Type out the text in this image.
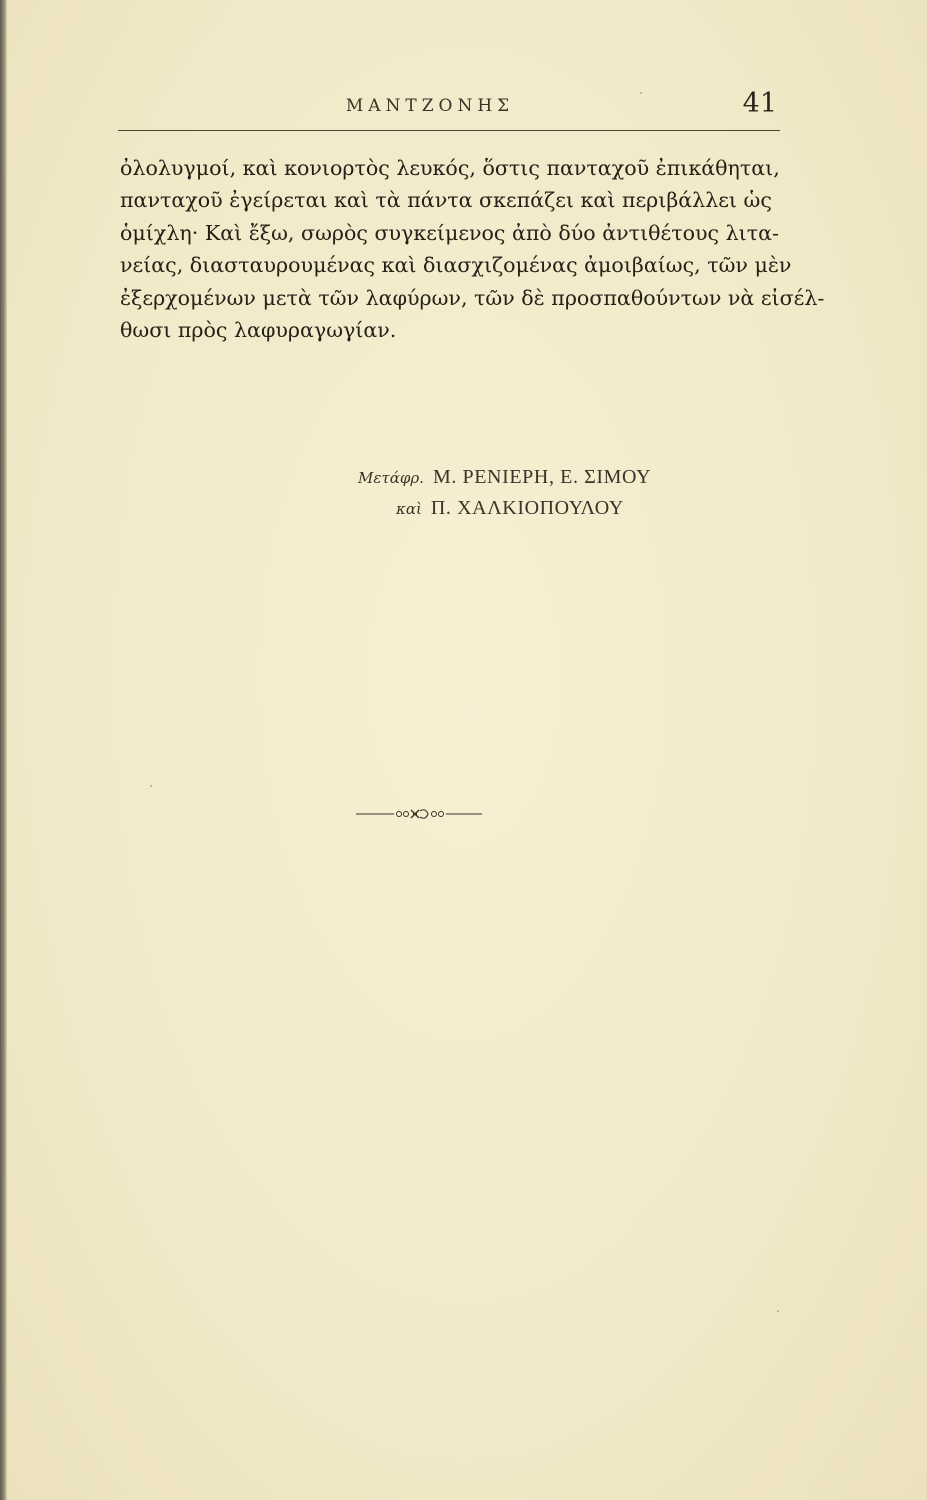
ΜΑΝΤΖΟΝΗΣ	41
ὀλολυγμοί, καὶ κονιορτὸς λευκός, ὅστις πανταχοῦ ἐπικάθηται,
πανταχοῦ ἐγείρεται καὶ τὰ πάντα σκεπάζει καὶ περιβάλλει ὡς
ὁμίχλη· Καὶ ἔξω, σωρὸς συγκείμενος ἀπὸ δύο ἀντιθέτους λιτα-
νείας, διασταυρουμένας καὶ διασχιζομένας ἀμοιβαίως, τῶν μὲν
ἐξερχομένων μετὰ τῶν λαφύρων, τῶν δὲ προσπαθούντων νὰ εἰσέλ-
θωσι πρὸς λαφυραγωγίαν.
Μετάφρ. Μ. ΡΕΝΙΕΡΗ, Ε. ΣΙΜΟΥ
καὶ Π. ΧΑΛΚΙΟΠΟΥΛΟΥ
